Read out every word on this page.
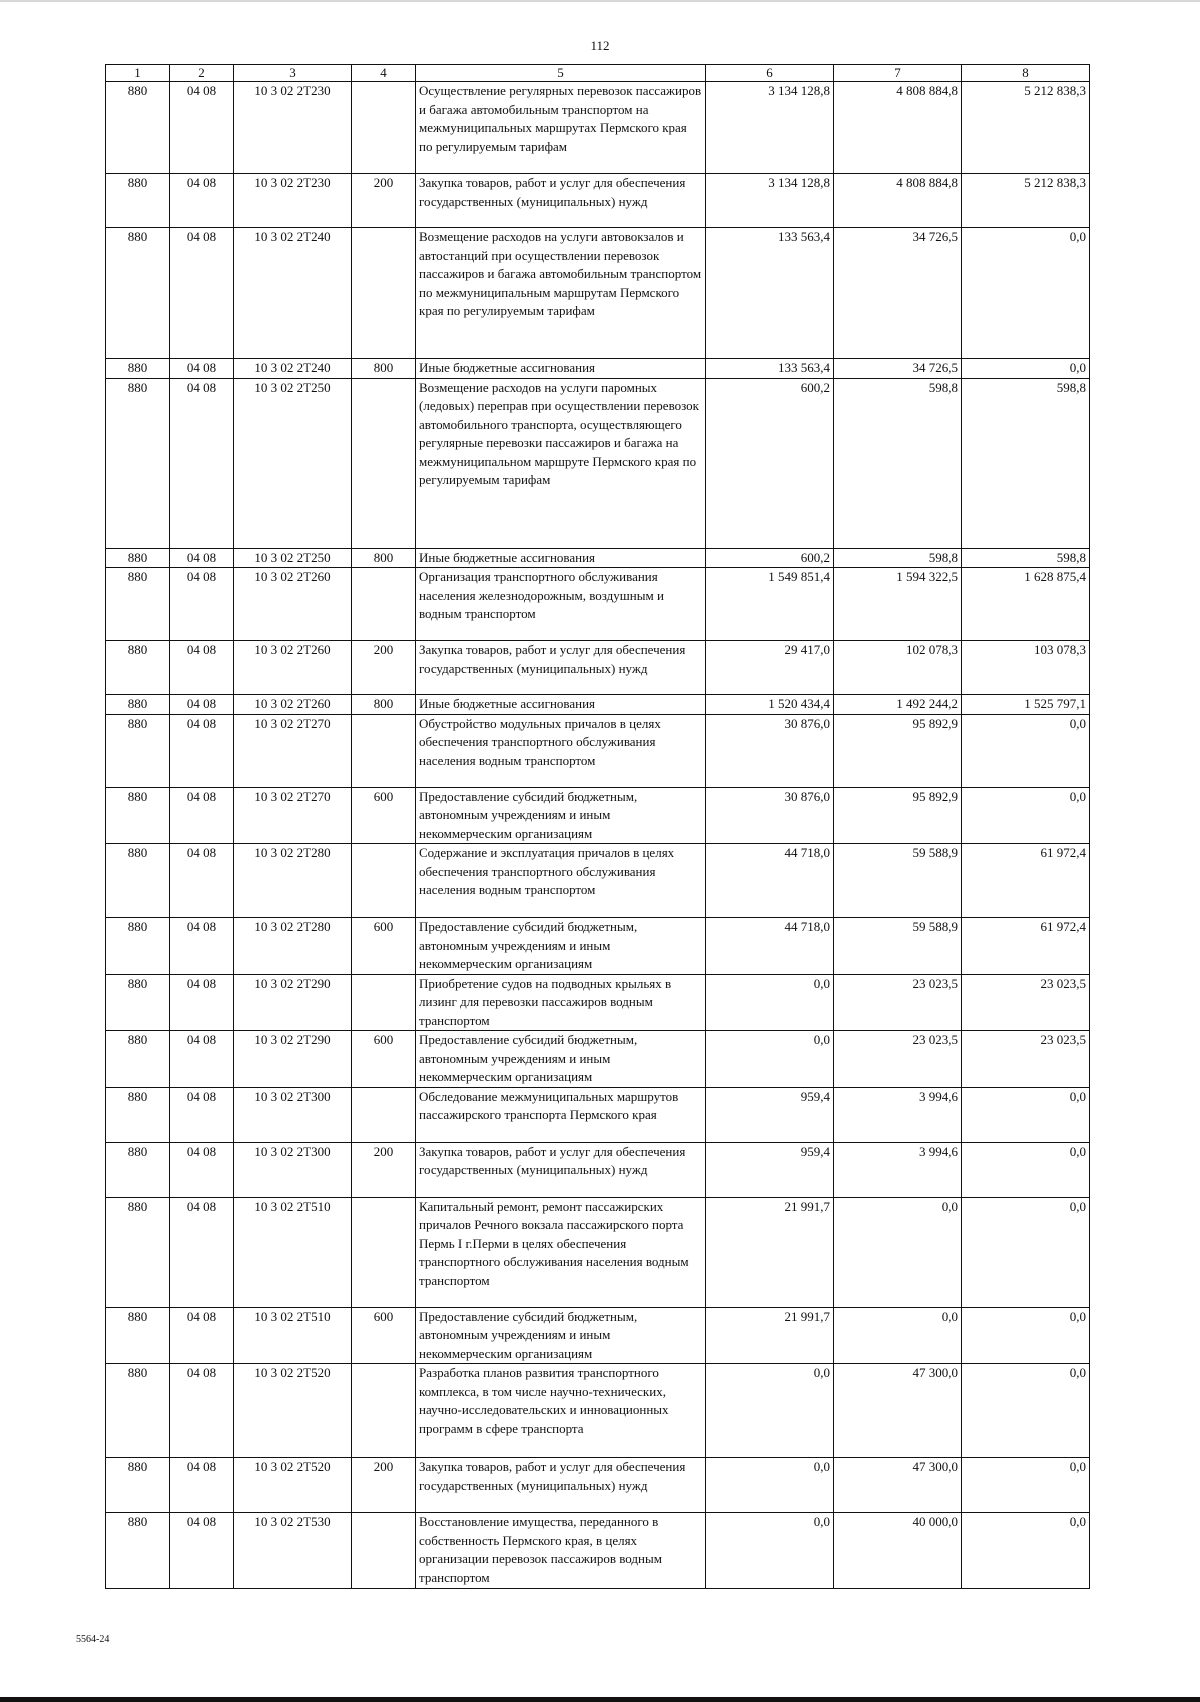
112
1	2	3	4	5	6	7	8
880	04 08	10 3 02 2T230		Осуществление регулярных перевозок пассажиров и багажа автомобильным транспортом на межмуниципальных маршрутах Пермского края по регулируемым тарифам	3 134 128,8	4 808 884,8	5 212 838,3
880	04 08	10 3 02 2T230	200	Закупка товаров, работ и услуг для обеспечения государственных (муниципальных) нужд	3 134 128,8	4 808 884,8	5 212 838,3
880	04 08	10 3 02 2T240		Возмещение расходов на услуги автовокзалов и автостанций при осуществлении перевозок пассажиров и багажа автомобильным транспортом по межмуниципальным маршрутам Пермского края по регулируемым тарифам	133 563,4	34 726,5	0,0
880	04 08	10 3 02 2T240	800	Иные бюджетные ассигнования	133 563,4	34 726,5	0,0
880	04 08	10 3 02 2T250		Возмещение расходов на услуги паромных (ледовых) переправ при осуществлении перевозок автомобильного транспорта, осуществляющего регулярные перевозки пассажиров и багажа на межмуниципальном маршруте Пермского края по регулируемым тарифам	600,2	598,8	598,8
880	04 08	10 3 02 2T250	800	Иные бюджетные ассигнования	600,2	598,8	598,8
880	04 08	10 3 02 2T260		Организация транспортного обслуживания населения железнодорожным, воздушным и водным транспортом	1 549 851,4	1 594 322,5	1 628 875,4
880	04 08	10 3 02 2T260	200	Закупка товаров, работ и услуг для обеспечения государственных (муниципальных) нужд	29 417,0	102 078,3	103 078,3
880	04 08	10 3 02 2T260	800	Иные бюджетные ассигнования	1 520 434,4	1 492 244,2	1 525 797,1
880	04 08	10 3 02 2T270		Обустройство модульных причалов в целях обеспечения транспортного обслуживания населения водным транспортом	30 876,0	95 892,9	0,0
880	04 08	10 3 02 2T270	600	Предоставление субсидий бюджетным, автономным учреждениям и иным некоммерческим организациям	30 876,0	95 892,9	0,0
880	04 08	10 3 02 2T280		Содержание и эксплуатация причалов в целях обеспечения транспортного обслуживания населения водным транспортом	44 718,0	59 588,9	61 972,4
880	04 08	10 3 02 2T280	600	Предоставление субсидий бюджетным, автономным учреждениям и иным некоммерческим организациям	44 718,0	59 588,9	61 972,4
880	04 08	10 3 02 2T290		Приобретение судов на подводных крыльях в лизинг для перевозки пассажиров водным транспортом	0,0	23 023,5	23 023,5
880	04 08	10 3 02 2T290	600	Предоставление субсидий бюджетным, автономным учреждениям и иным некоммерческим организациям	0,0	23 023,5	23 023,5
880	04 08	10 3 02 2T300		Обследование межмуниципальных маршрутов пассажирского транспорта Пермского края	959,4	3 994,6	0,0
880	04 08	10 3 02 2T300	200	Закупка товаров, работ и услуг для обеспечения государственных (муниципальных) нужд	959,4	3 994,6	0,0
880	04 08	10 3 02 2T510		Капитальный ремонт, ремонт пассажирских причалов Речного вокзала пассажирского порта Пермь I г.Перми в целях обеспечения транспортного обслуживания населения водным транспортом	21 991,7	0,0	0,0
880	04 08	10 3 02 2T510	600	Предоставление субсидий бюджетным, автономным учреждениям и иным некоммерческим организациям	21 991,7	0,0	0,0
880	04 08	10 3 02 2T520		Разработка планов развития транспортного комплекса, в том числе научно-технических, научно-исследовательских и инновационных программ в сфере транспорта	0,0	47 300,0	0,0
880	04 08	10 3 02 2T520	200	Закупка товаров, работ и услуг для обеспечения государственных (муниципальных) нужд	0,0	47 300,0	0,0
880	04 08	10 3 02 2T530		Восстановление имущества, переданного в собственность Пермского края, в целях организации перевозок пассажиров водным транспортом	0,0	40 000,0	0,0
5564-24
